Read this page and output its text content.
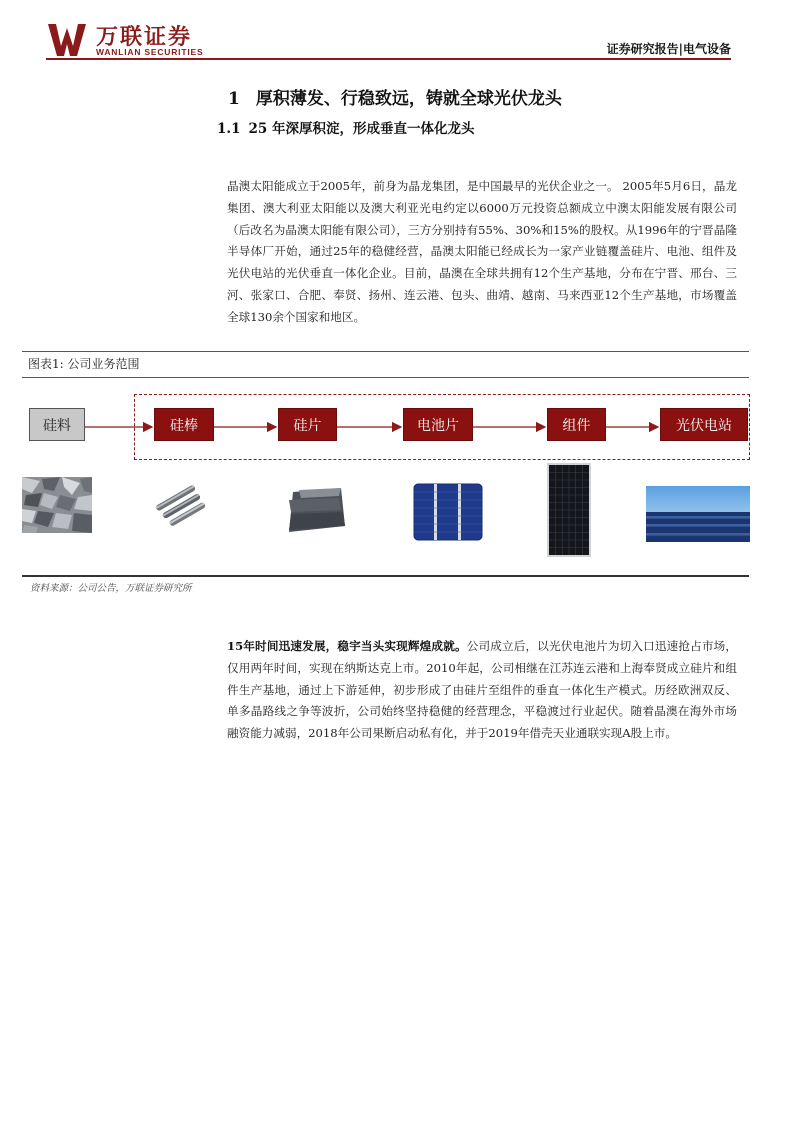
万联证券
WANLIAN SECURITIES	证券研究报告|电气设备
1 厚积薄发、行稳致远，铸就全球光伏龙头
1.1 25 年深厚积淀，形成垂直一体化龙头
晶澳太阳能成立于2005年，前身为晶龙集团，是中国最早的光伏企业之一。 2005年5月6日，晶龙集团、澳大利亚太阳能以及澳大利亚光电约定以6000万元投资总额成立中澳太阳能发展有限公司（后改名为晶澳太阳能有限公司），三方分别持有55%、30%和15%的股权。从1996年的宁晋晶隆半导体厂开始，通过25年的稳健经营，晶澳太阳能已经成长为一家产业链覆盖硅片、电池、组件及光伏电站的光伏垂直一体化企业。目前，晶澳在全球共拥有12个生产基地，分布在宁晋、邢台、三河、张家口、合肥、奉贤、扬州、连云港、包头、曲靖、越南、马来西亚12个生产基地，市场覆盖全球130余个国家和地区。
图表1: 公司业务范围
硅料	硅棒	硅片	电池片	组件	光伏电站
资料来源：公司公告，万联证券研究所
15年时间迅速发展，稳宇当头实现辉煌成就。公司成立后，以光伏电池片为切入口迅速抢占市场，仅用两年时间，实现在纳斯达克上市。2010年起，公司相继在江苏连云港和上海奉贤成立硅片和组件生产基地，通过上下游延伸，初步形成了由硅片至组件的垂直一体化生产模式。历经欧洲双反、单多晶路线之争等波折，公司始终坚持稳健的经营理念，平稳渡过行业起伏。随着晶澳在海外市场融资能力减弱，2018年公司果断启动私有化，并于2019年借壳天业通联实现A股上市。
